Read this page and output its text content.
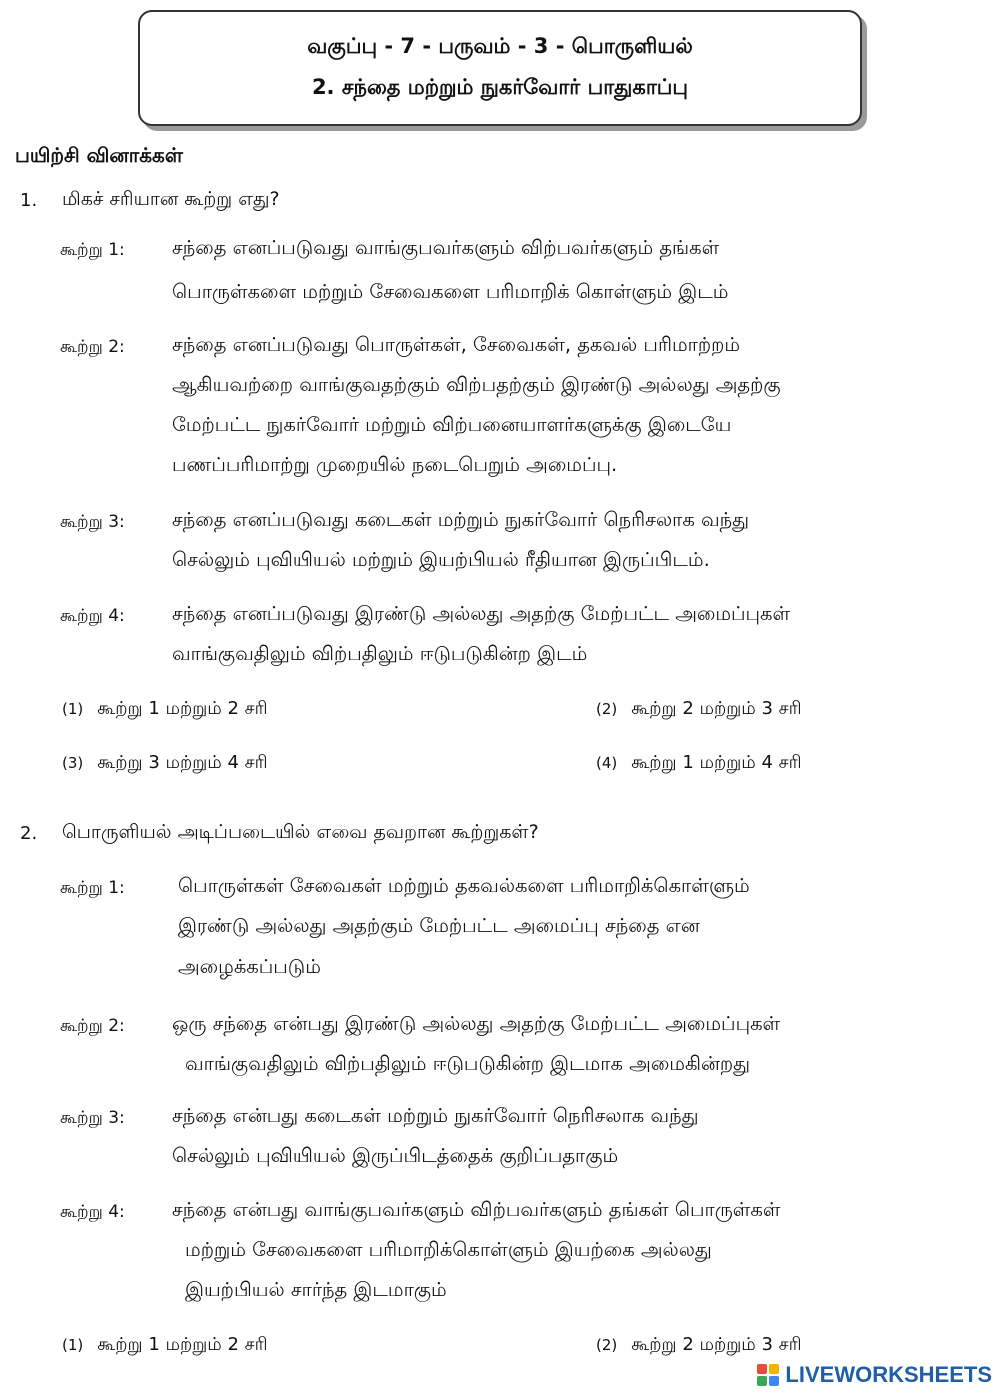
வகுப்பு - 7 - பருவம் - 3 - பொருளியல்
2. சந்தை மற்றும் நுகர்வோர் பாதுகாப்பு
பயிற்சி வினாக்கள்
1. மிகச் சரியான கூற்று எது?
கூற்று 1: சந்தை எனப்படுவது வாங்குபவர்களும் விற்பவர்களும் தங்கள்
பொருள்களை மற்றும் சேவைகளை பரிமாறிக் கொள்ளும் இடம்
கூற்று 2: சந்தை எனப்படுவது பொருள்கள், சேவைகள், தகவல் பரிமாற்றம்
ஆகியவற்றை வாங்குவதற்கும் விற்பதற்கும் இரண்டு அல்லது அதற்கு
மேற்பட்ட நுகர்வோர் மற்றும் விற்பனையாளர்களுக்கு இடையே
பணப்பரிமாற்று முறையில் நடைபெறும் அமைப்பு.
கூற்று 3: சந்தை எனப்படுவது கடைகள் மற்றும் நுகர்வோர் நெரிசலாக வந்து
செல்லும் புவியியல் மற்றும் இயற்பியல் ரீதியான இருப்பிடம்.
கூற்று 4: சந்தை எனப்படுவது இரண்டு அல்லது அதற்கு மேற்பட்ட அமைப்புகள்
வாங்குவதிலும் விற்பதிலும் ஈடுபடுகின்ற இடம்
(1) கூற்று 1 மற்றும் 2 சரி	(2) கூற்று 2 மற்றும் 3 சரி
(3) கூற்று 3 மற்றும் 4 சரி	(4) கூற்று 1 மற்றும் 4 சரி
2. பொருளியல் அடிப்படையில் எவை தவறான கூற்றுகள்?
கூற்று 1:	பொருள்கள் சேவைகள் மற்றும் தகவல்களை பரிமாறிக்கொள்ளும்
இரண்டு அல்லது அதற்கும் மேற்பட்ட அமைப்பு சந்தை என
அழைக்கப்படும்
கூற்று 2: ஒரு சந்தை என்பது இரண்டு அல்லது அதற்கு மேற்பட்ட அமைப்புகள்
வாங்குவதிலும் விற்பதிலும் ஈடுபடுகின்ற இடமாக அமைகின்றது
கூற்று 3: சந்தை என்பது கடைகள் மற்றும் நுகர்வோர் நெரிசலாக வந்து
செல்லும் புவியியல் இருப்பிடத்தைக் குறிப்பதாகும்
கூற்று 4: சந்தை என்பது வாங்குபவர்களும் விற்பவர்களும் தங்கள் பொருள்கள்
மற்றும் சேவைகளை பரிமாறிக்கொள்ளும் இயற்கை அல்லது
இயற்பியல் சார்ந்த இடமாகும்
(1) கூற்று 1 மற்றும் 2 சரி	(2) கூற்று 2 மற்றும் 3 சரி
LIVEWORKSHEETS
